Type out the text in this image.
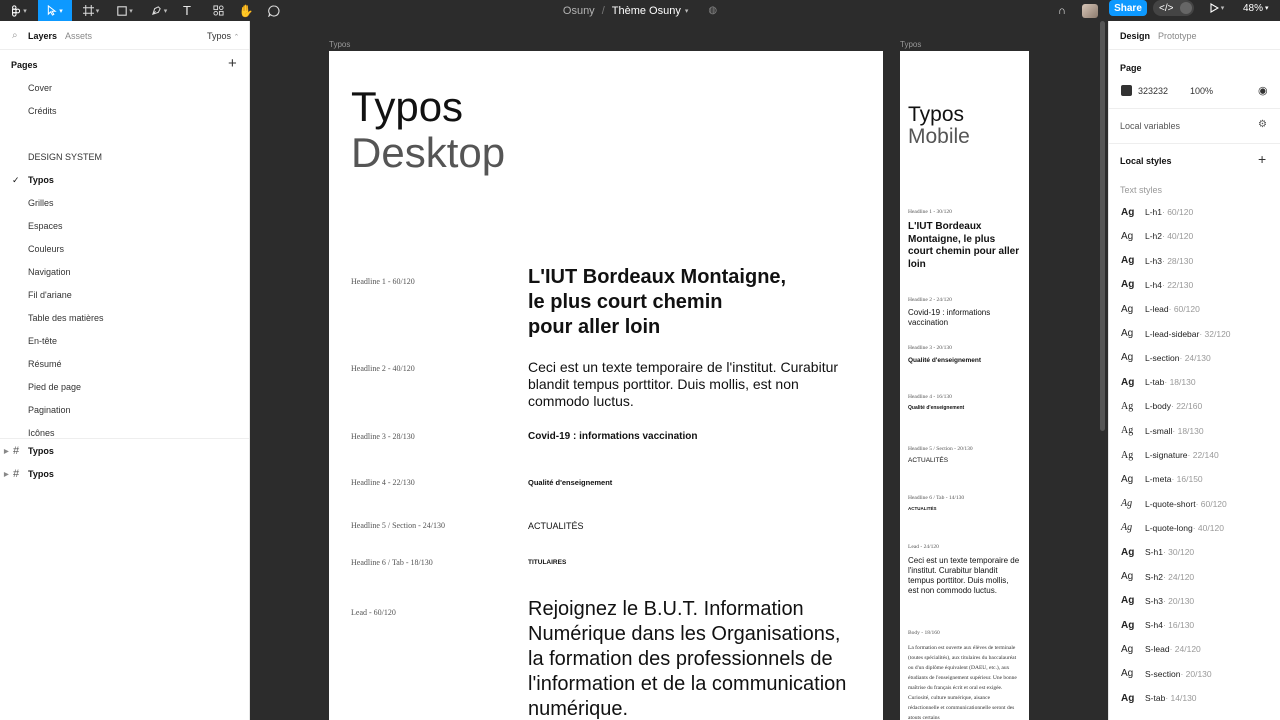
▾	▾	▾	▾	▾ T	✋	Osuny / Thème Osuny ▾ ◍	∩	Share	</>	▾ 48% ▾
⌕ Layers Assets	Typos ⌃
Pages	+
Cover
Crédits
DESIGN SYSTEM
Typos
✓
Grilles
Espaces
Couleurs
Navigation
Fil d'ariane
Table des matières
En-tête
Résumé
Pied de page
Pagination
Icônes
▶ # Typos
▶ # Typos
Typos
Typos
Desktop
Headline 1 - 60/120	L'IUT Bordeaux Montaigne,
le plus court chemin
pour aller loin
Headline 2 - 40/120	Ceci est un texte temporaire de l'institut. Curabitur blandit tempus porttitor. Duis mollis, est non commodo luctus.
Headline 3 - 28/130	Covid-19 : informations vaccination
Headline 4 - 22/130	Qualité d'enseignement
Headline 5 / Section - 24/130	ACTUALITÉS
Headline 6 / Tab - 18/130	TITULAIRES
Lead - 60/120	Rejoignez le B.U.T. Information Numérique dans les Organisations, la formation des professionnels de l'information et de la communication numérique.
Typos
Typos
Mobile
Headline 1 - 30/120
L'IUT Bordeaux Montaigne, le plus court chemin pour aller loin
Headline 2 - 24/120
Covid-19 : informations vaccination
Headline 3 - 20/130
Qualité d'enseignement
Headline 4 - 16/130
Qualité d'enseignement
Headline 5 / Section - 20/130
ACTUALITÉS
Headline 6 / Tab - 14/130
ACTUALITÉS
Lead - 24/120
Ceci est un texte temporaire de l'institut. Curabitur blandit tempus porttitor. Duis mollis, est non commodo luctus.
Body - 18/160
La formation est ouverte aux élèves de terminale (toutes spécialités), aux titulaires du baccalauréat ou d'un diplôme équivalent (DAEU, etc.), aux étudiants de l'enseignement supérieur. Une bonne maîtrise du français écrit et oral est exigée. Curiosité, culture numérique, aisance rédactionnelle et communicationnelle seront des atouts certains
Design Prototype
Page
323232 100%	◉
Local variables	⚙
Local styles	+
Text styles
Ag	L-h1 · 60/120
Ag	L-h2 · 40/120
Ag	L-h3 · 28/130
Ag	L-h4 · 22/130
Ag	L-lead · 60/120
Ag	L-lead-sidebar · 32/120
Ag	L-section · 24/130
Ag	L-tab · 18/130
Ag	L-body · 22/160
Ag	L-small · 18/130
Ag	L-signature · 22/140
Ag	L-meta · 16/150
Ag	L-quote-short · 60/120
Ag	L-quote-long · 40/120
Ag	S-h1 · 30/120
Ag	S-h2 · 24/120
Ag	S-h3 · 20/130
Ag	S-h4 · 16/130
Ag	S-lead · 24/120
Ag	S-section · 20/130
Ag	S-tab · 14/130
